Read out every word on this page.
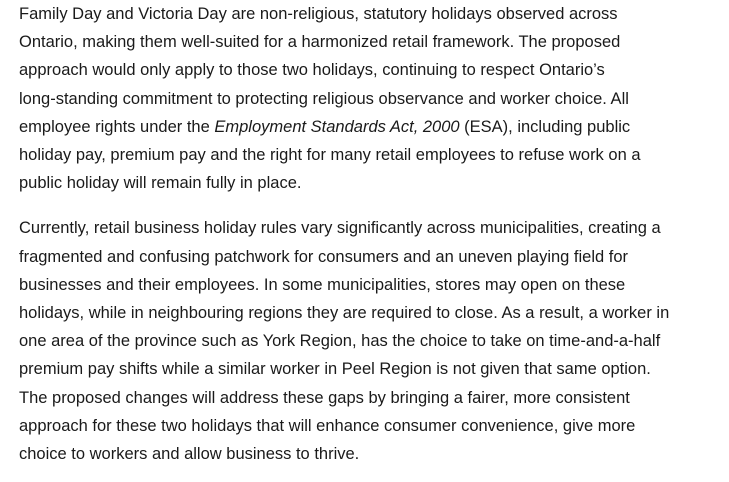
Family Day and Victoria Day are non-religious, statutory holidays observed across
Ontario, making them well-suited for a harmonized retail framework. The proposed
approach would only apply to those two holidays, continuing to respect Ontario’s
long-standing commitment to protecting religious observance and worker choice. All
employee rights under the Employment Standards Act, 2000 (ESA), including public
holiday pay, premium pay and the right for many retail employees to refuse work on a
public holiday will remain fully in place.

Currently, retail business holiday rules vary significantly across municipalities, creating a
fragmented and confusing patchwork for consumers and an uneven playing field for
businesses and their employees. In some municipalities, stores may open on these
holidays, while in neighbouring regions they are required to close. As a result, a worker in
one area of the province such as York Region, has the choice to take on time-and-a-half
premium pay shifts while a similar worker in Peel Region is not given that same option.
The proposed changes will address these gaps by bringing a fairer, more consistent
approach for these two holidays that will enhance consumer convenience, give more
choice to workers and allow business to thrive.
